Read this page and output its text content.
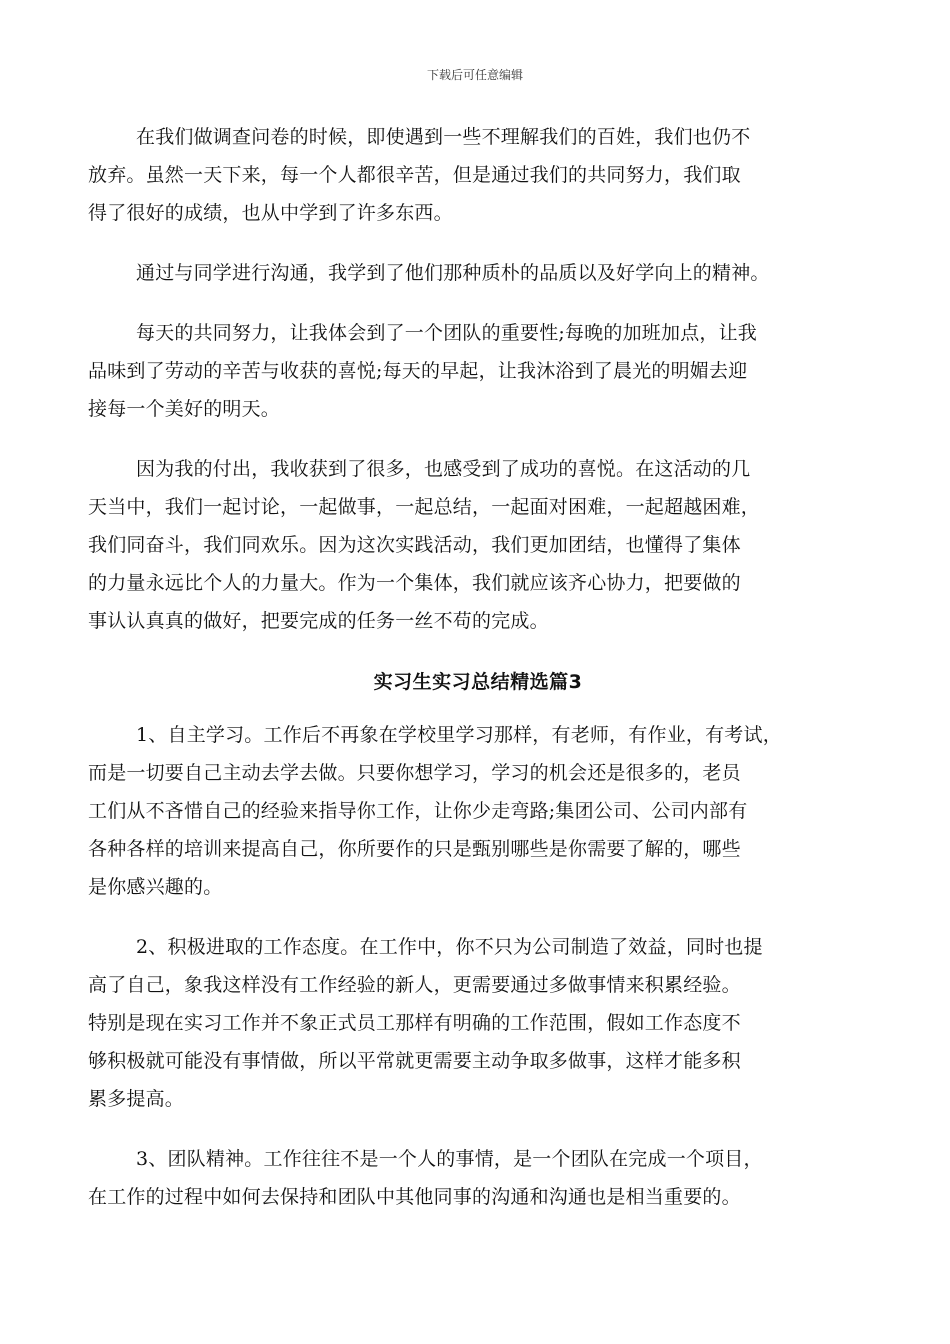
下载后可任意编辑
在我们做调查问卷的时候，即使遇到一些不理解我们的百姓，我们也仍不
放弃。虽然一天下来，每一个人都很辛苦，但是通过我们的共同努力，我们取
得了很好的成绩，也从中学到了许多东西。
通过与同学进行沟通，我学到了他们那种质朴的品质以及好学向上的精神。
每天的共同努力，让我体会到了一个团队的重要性;每晚的加班加点，让我
品味到了劳动的辛苦与收获的喜悦;每天的早起，让我沐浴到了晨光的明媚去迎
接每一个美好的明天。
因为我的付出，我收获到了很多，也感受到了成功的喜悦。在这活动的几
天当中，我们一起讨论，一起做事，一起总结，一起面对困难，一起超越困难，
我们同奋斗，我们同欢乐。因为这次实践活动，我们更加团结，也懂得了集体
的力量永远比个人的力量大。作为一个集体，我们就应该齐心协力，把要做的
事认认真真的做好，把要完成的任务一丝不苟的完成。
实习生实习总结精选篇3
1、自主学习。工作后不再象在学校里学习那样，有老师，有作业，有考试，
而是一切要自己主动去学去做。只要你想学习，学习的机会还是很多的，老员
工们从不吝惜自己的经验来指导你工作，让你少走弯路;集团公司、公司内部有
各种各样的培训来提高自己，你所要作的只是甄别哪些是你需要了解的，哪些
是你感兴趣的。
2、积极进取的工作态度。在工作中，你不只为公司制造了效益，同时也提
高了自己，象我这样没有工作经验的新人，更需要通过多做事情来积累经验。
特别是现在实习工作并不象正式员工那样有明确的工作范围，假如工作态度不
够积极就可能没有事情做，所以平常就更需要主动争取多做事，这样才能多积
累多提高。
3、团队精神。工作往往不是一个人的事情，是一个团队在完成一个项目，
在工作的过程中如何去保持和团队中其他同事的沟通和沟通也是相当重要的。
